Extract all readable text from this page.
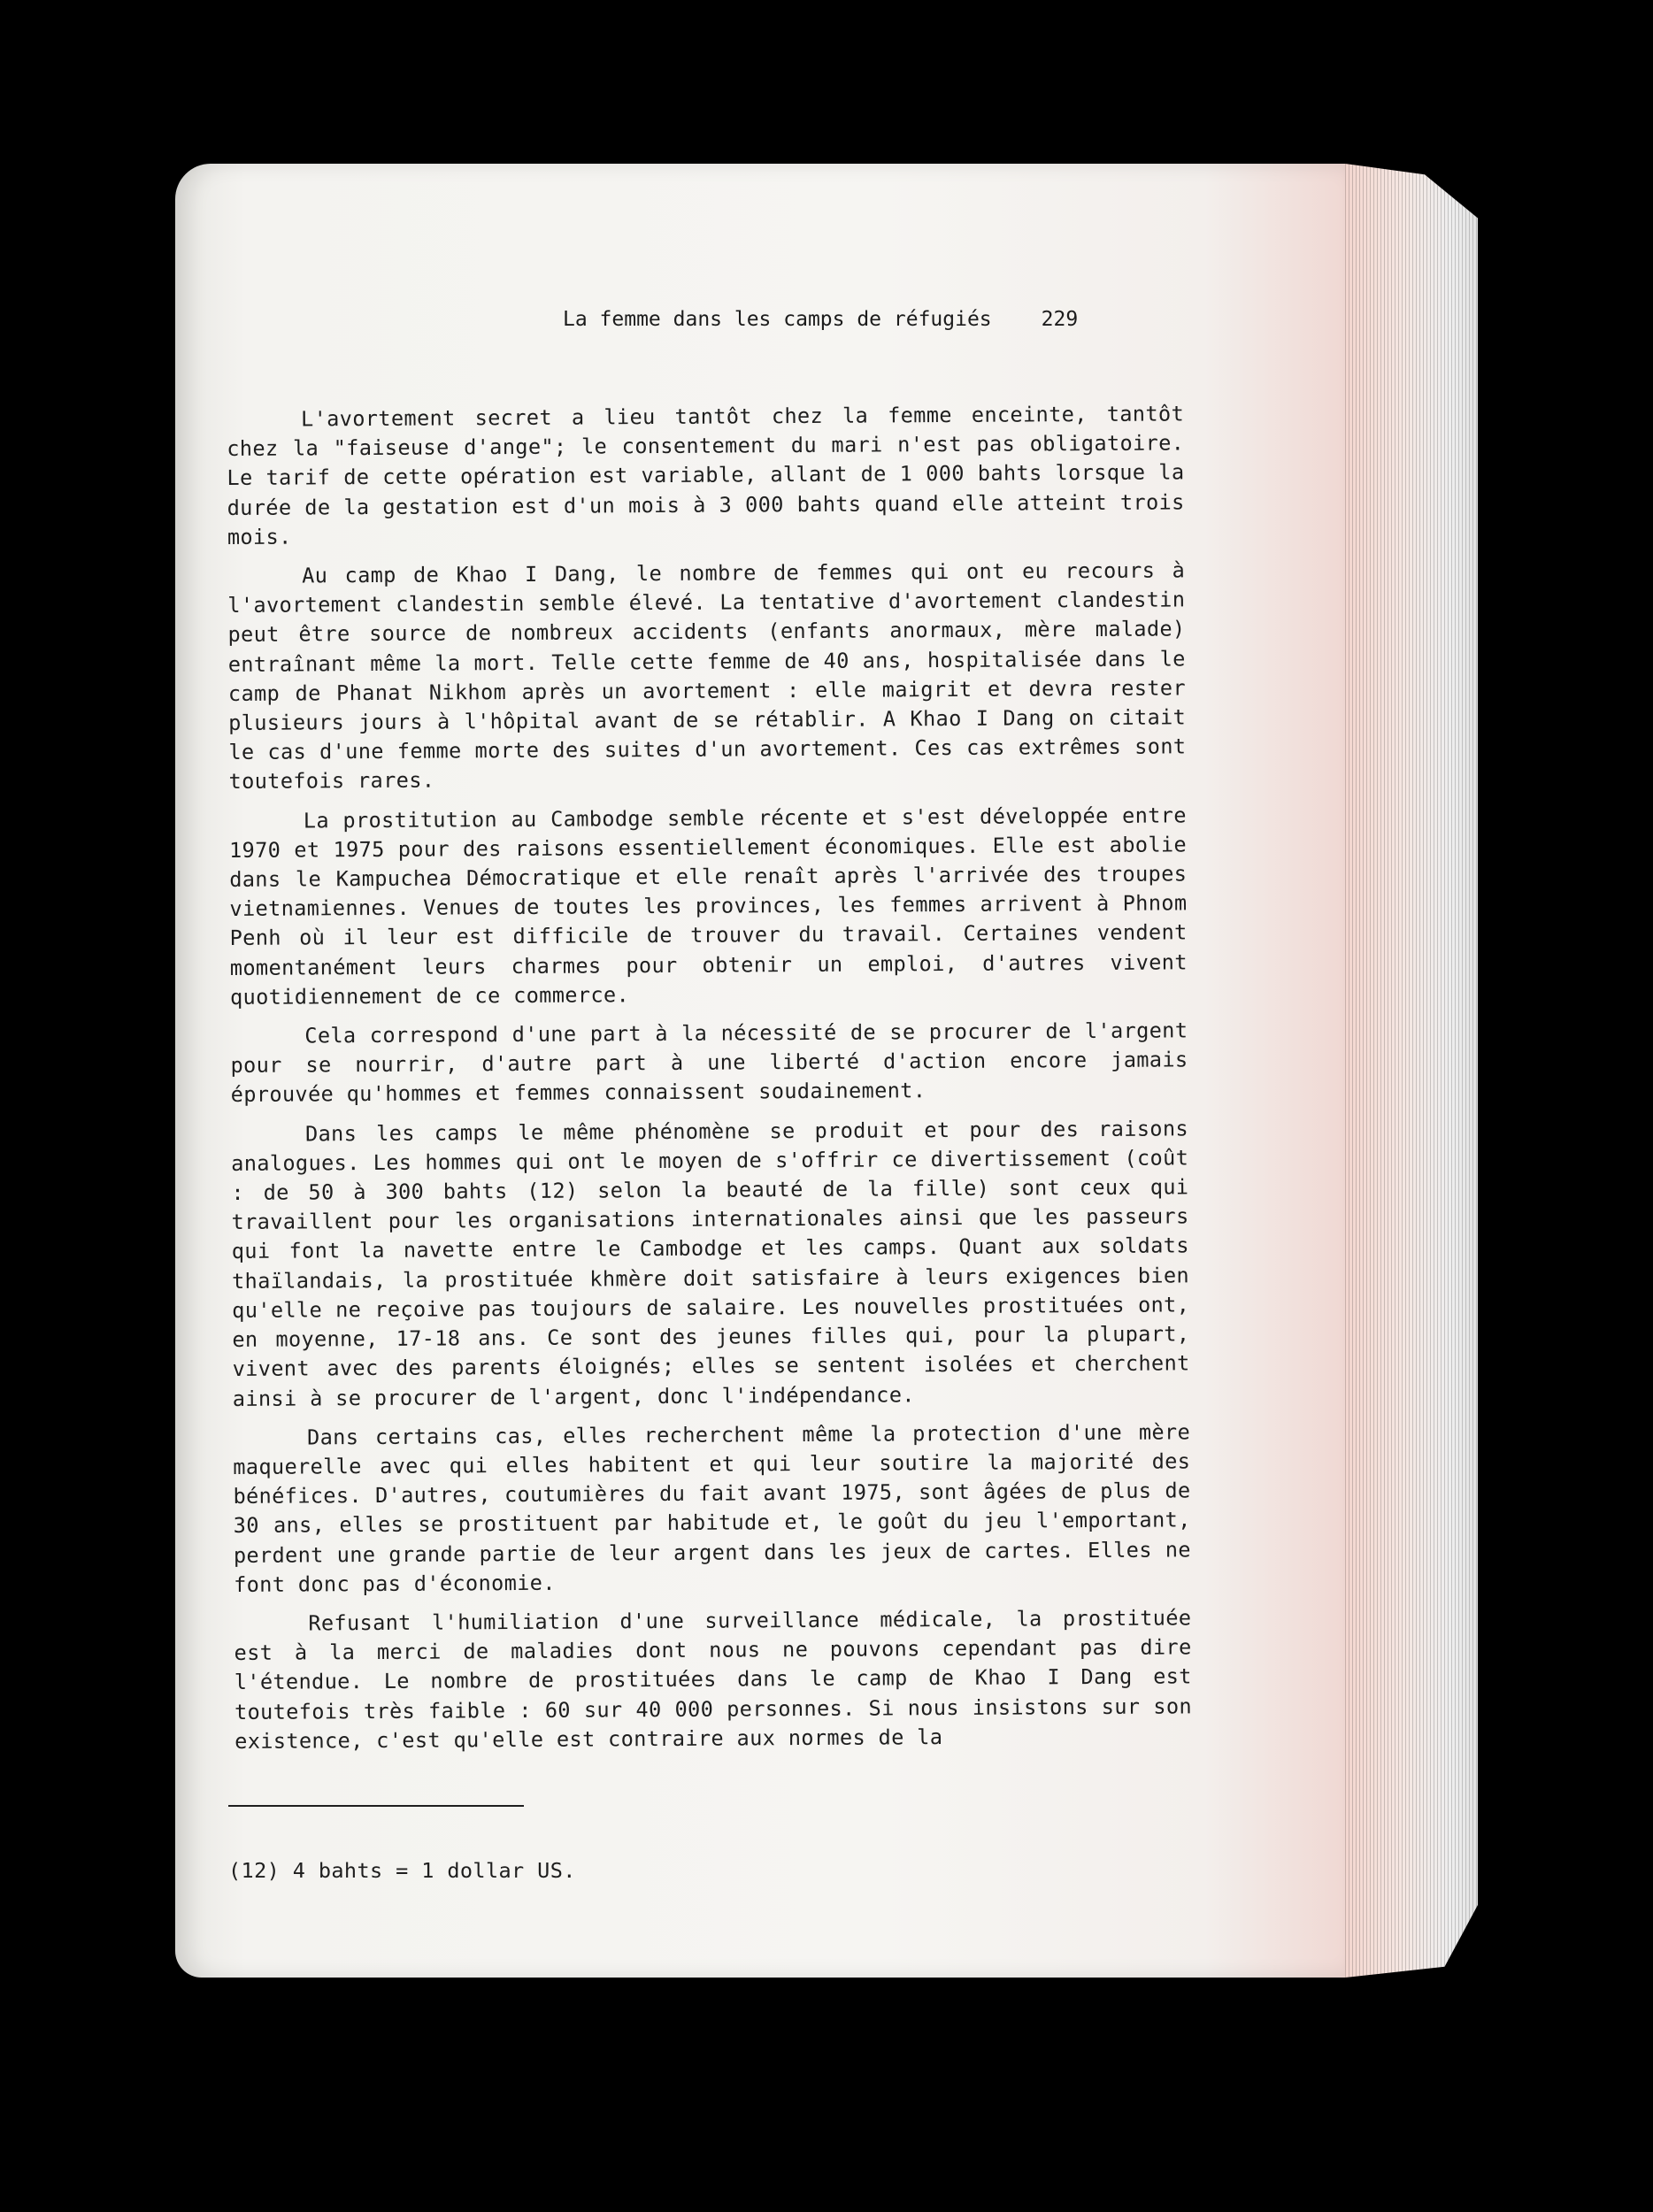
La femme dans les camps de réfugiés 229

L'avortement secret a lieu tantôt chez la femme enceinte, tantôt chez la "faiseuse d'ange"; le consentement du mari n'est pas obligatoire. Le tarif de cette opération est variable, allant de 1 000 bahts lorsque la durée de la gestation est d'un mois à 3 000 bahts quand elle atteint trois mois.

Au camp de Khao I Dang, le nombre de femmes qui ont eu recours à l'avortement clandestin semble élevé. La tentative d'avortement clandestin peut être source de nombreux accidents (enfants anormaux, mère malade) entraînant même la mort. Telle cette femme de 40 ans, hospitalisée dans le camp de Phanat Nikhom après un avortement : elle maigrit et devra rester plusieurs jours à l'hôpital avant de se rétablir. A Khao I Dang on citait le cas d'une femme morte des suites d'un avortement. Ces cas extrêmes sont toutefois rares.

La prostitution au Cambodge semble récente et s'est développée entre 1970 et 1975 pour des raisons essentiellement économiques. Elle est abolie dans le Kampuchea Démocratique et elle renaît après l'arrivée des troupes vietnamiennes. Venues de toutes les provinces, les femmes arrivent à Phnom Penh où il leur est difficile de trouver du travail. Certaines vendent momentanément leurs charmes pour obtenir un emploi, d'autres vivent quotidiennement de ce commerce.

Cela correspond d'une part à la nécessité de se procurer de l'argent pour se nourrir, d'autre part à une liberté d'action encore jamais éprouvée qu'hommes et femmes connaissent soudainement.

Dans les camps le même phénomène se produit et pour des raisons analogues. Les hommes qui ont le moyen de s'offrir ce divertissement (coût : de 50 à 300 bahts (12) selon la beauté de la fille) sont ceux qui travaillent pour les organisations internationales ainsi que les passeurs qui font la navette entre le Cambodge et les camps. Quant aux soldats thaïlandais, la prostituée khmère doit satisfaire à leurs exigences bien qu'elle ne reçoive pas toujours de salaire. Les nouvelles prostituées ont, en moyenne, 17-18 ans. Ce sont des jeunes filles qui, pour la plupart, vivent avec des parents éloignés; elles se sentent isolées et cherchent ainsi à se procurer de l'argent, donc l'indépendance.

Dans certains cas, elles recherchent même la protection d'une mère maquerelle avec qui elles habitent et qui leur soutire la majorité des bénéfices. D'autres, coutumières du fait avant 1975, sont âgées de plus de 30 ans, elles se prostituent par habitude et, le goût du jeu l'emportant, perdent une grande partie de leur argent dans les jeux de cartes. Elles ne font donc pas d'économie.

Refusant l'humiliation d'une surveillance médicale, la prostituée est à la merci de maladies dont nous ne pouvons cependant pas dire l'étendue. Le nombre de prostituées dans le camp de Khao I Dang est toutefois très faible : 60 sur 40 000 personnes. Si nous insistons sur son existence, c'est qu'elle est contraire aux normes de la

(12) 4 bahts = 1 dollar US.
